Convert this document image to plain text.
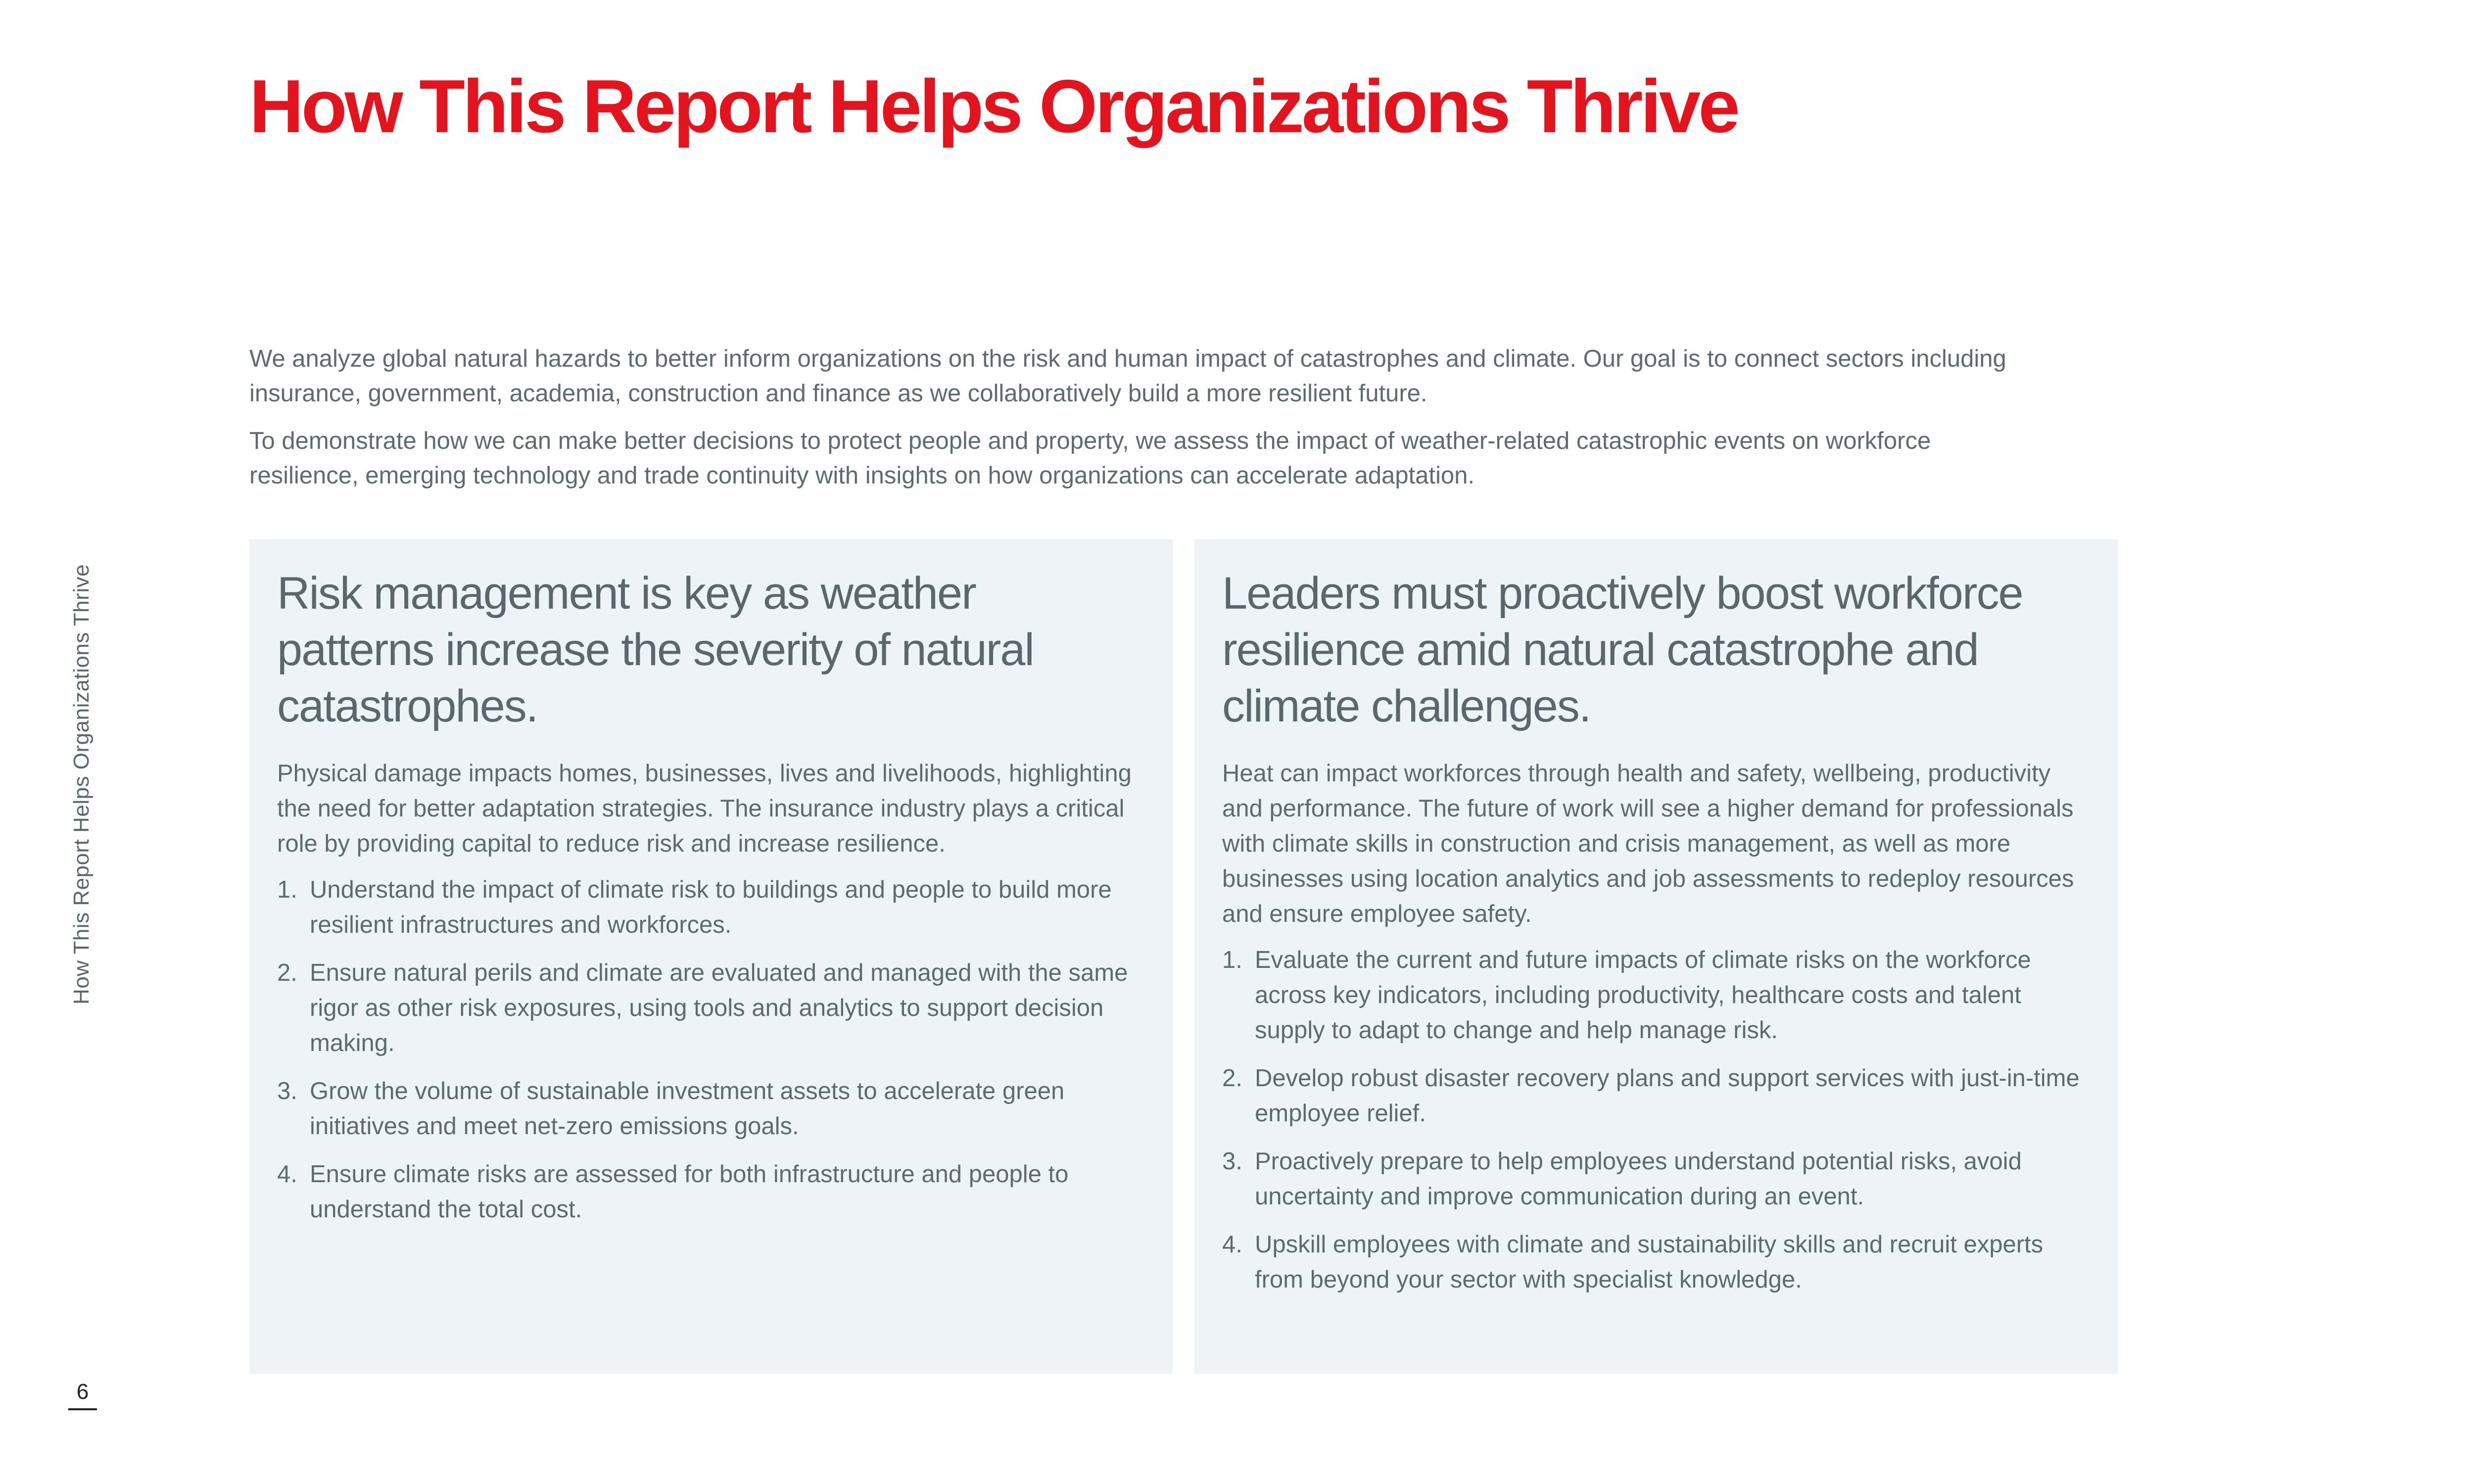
How This Report Helps Organizations Thrive
How This Report Helps Organizations Thrive
6

We analyze global natural hazards to better inform organizations on the risk and human impact of catastrophes and climate. Our goal is to connect sectors including insurance, government, academia, construction and finance as we collaboratively build a more resilient future.

To demonstrate how we can make better decisions to protect people and property, we assess the impact of weather-related catastrophic events on workforce resilience, emerging technology and trade continuity with insights on how organizations can accelerate adaptation.

Risk management is key as weather patterns increase the severity of natural catastrophes.

Physical damage impacts homes, businesses, lives and livelihoods, highlighting the need for better adaptation strategies. The insurance industry plays a critical role by providing capital to reduce risk and increase resilience.

1. Understand the impact of climate risk to buildings and people to build more resilient infrastructures and workforces.
2. Ensure natural perils and climate are evaluated and managed with the same rigor as other risk exposures, using tools and analytics to support decision making.
3. Grow the volume of sustainable investment assets to accelerate green initiatives and meet net-zero emissions goals.
4. Ensure climate risks are assessed for both infrastructure and people to understand the total cost.
Leaders must proactively boost workforce resilience amid natural catastrophe and climate challenges.

Heat can impact workforces through health and safety, wellbeing, productivity and performance. The future of work will see a higher demand for professionals with climate skills in construction and crisis management, as well as more businesses using location analytics and job assessments to redeploy resources and ensure employee safety.

1. Evaluate the current and future impacts of climate risks on the workforce across key indicators, including productivity, healthcare costs and talent supply to adapt to change and help manage risk.
2. Develop robust disaster recovery plans and support services with just-in-time employee relief.
3. Proactively prepare to help employees understand potential risks, avoid uncertainty and improve communication during an event.
4. Upskill employees with climate and sustainability skills and recruit experts from beyond your sector with specialist knowledge.
